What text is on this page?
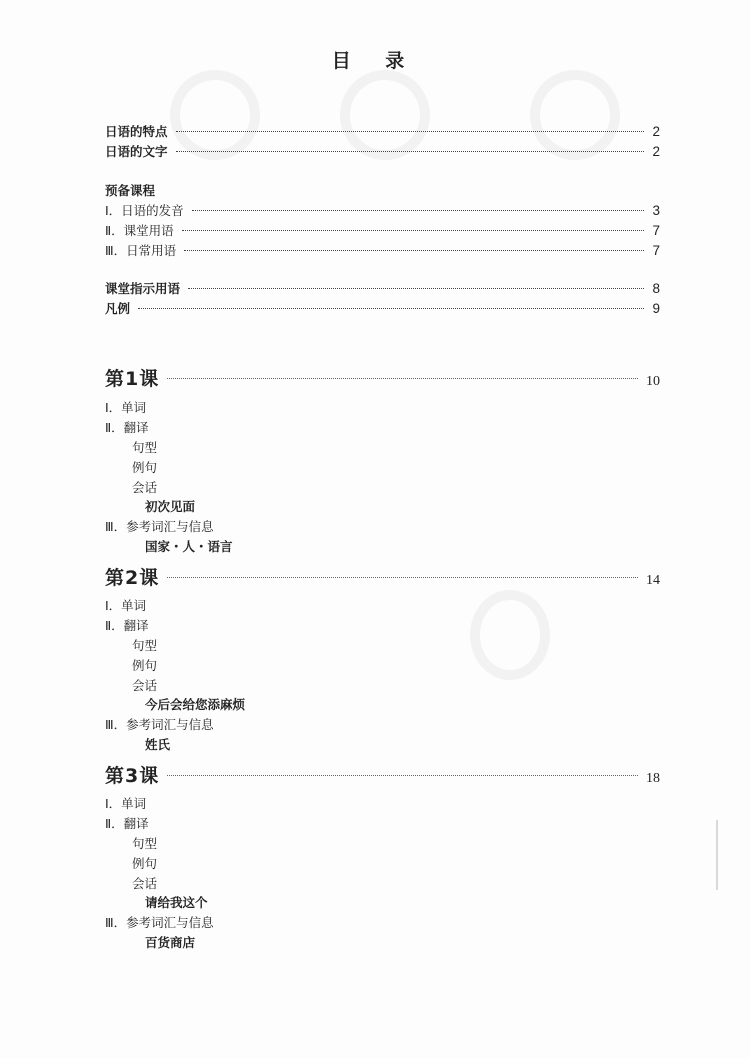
目 录
日语的特点	2
日语的文字	2
预备课程
Ⅰ．日语的发音	3
Ⅱ．课堂用语	7
Ⅲ．日常用语	7
课堂指示用语	8
凡例	9
第1课	10
Ⅰ．单词
Ⅱ．翻译
句型
例句
会话
初次见面
Ⅲ．参考词汇与信息
国家・人・语言
第2课	14
Ⅰ．单词
Ⅱ．翻译
句型
例句
会话
今后会给您添麻烦
Ⅲ．参考词汇与信息
姓氏
第3课	18
Ⅰ．单词
Ⅱ．翻译
句型
例句
会话
请给我这个
Ⅲ．参考词汇与信息
百货商店
